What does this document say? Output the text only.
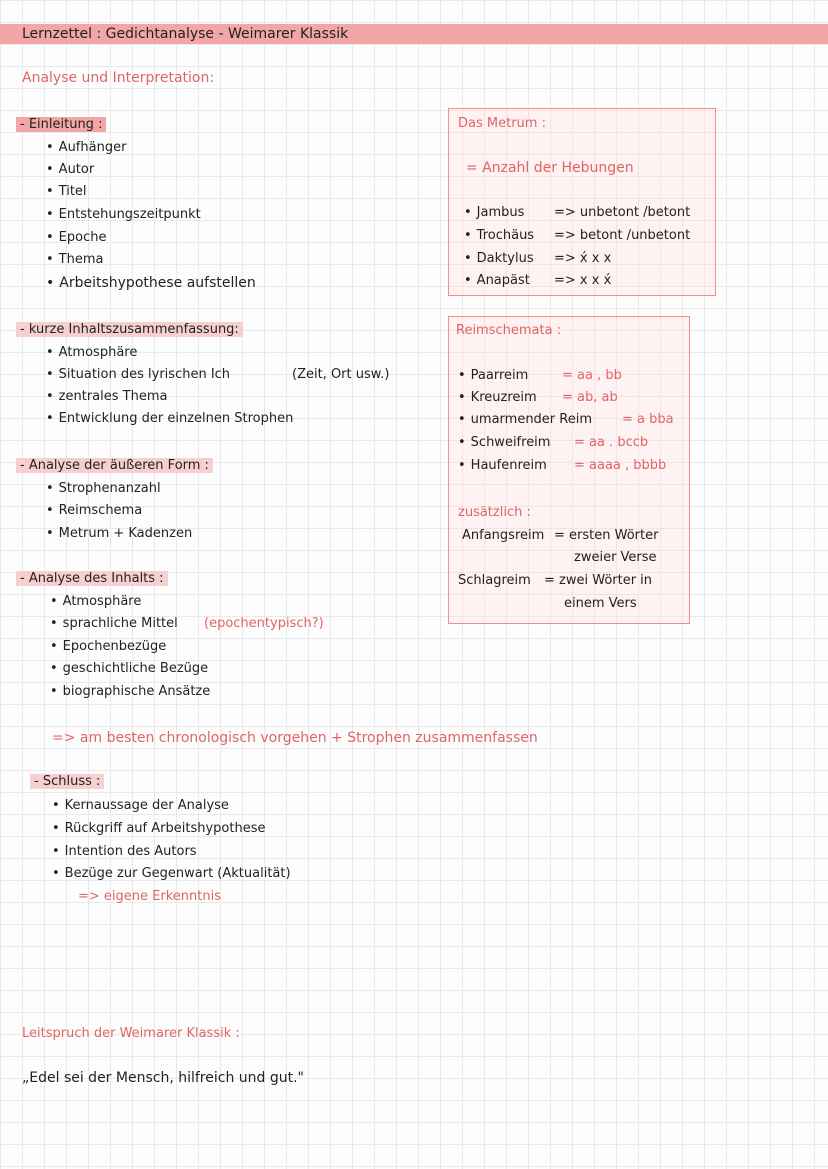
Lernzettel : Gedichtanalyse - Weimarer Klassik
Analyse und Interpretation:
- Einleitung :
• Aufhänger
• Autor
• Titel
• Entstehungszeitpunkt
• Epoche
• Thema
• Arbeitshypothese aufstellen
- kurze Inhaltszusammenfassung:
• Atmosphäre
• Situation des lyrischen Ich	(Zeit, Ort usw.)
• zentrales Thema
• Entwicklung der einzelnen Strophen
- Analyse der äußeren Form :
• Strophenanzahl
• Reimschema
• Metrum + Kadenzen
- Analyse des Inhalts :
• Atmosphäre
• sprachliche Mittel (epochentypisch?)
• Epochenbezüge
• geschichtliche Bezüge
• biographische Ansätze
=> am besten chronologisch vorgehen + Strophen zusammenfassen
- Schluss :
• Kernaussage der Analyse
• Rückgriff auf Arbeitshypothese
• Intention des Autors
• Bezüge zur Gegenwart (Aktualität)
=> eigene Erkenntnis
Das Metrum :
= Anzahl der Hebungen
• Jambus => unbetont /betont
• Trochäus => betont /unbetont
• Daktylus => x́ x x
• Anapäst => x x x́
Reimschemata :
• Paarreim	= aa , bb
• Kreuzreim = ab, ab
• umarmender Reim = a bba
• Schweifreim = aa . bccb
• Haufenreim = aaaa , bbbb
zusätzlich :
Anfangsreim = ersten Wörter
zweier Verse
Schlagreim = zwei Wörter in
einem Vers
Leitspruch der Weimarer Klassik :
„Edel sei der Mensch, hilfreich und gut."
